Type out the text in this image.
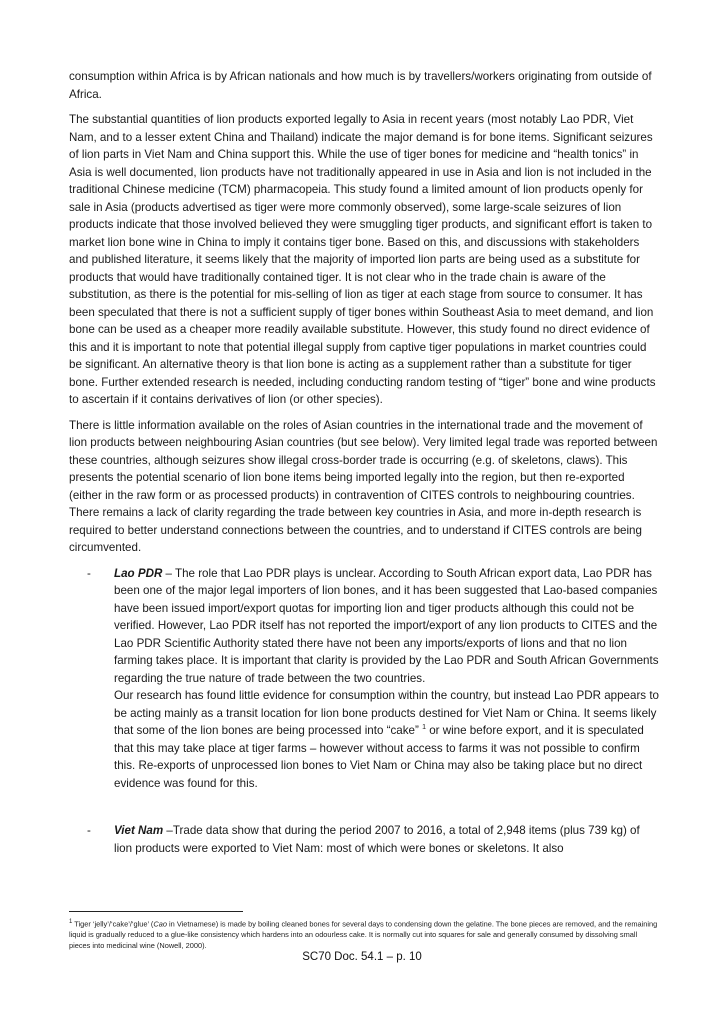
consumption within Africa is by African nationals and how much is by travellers/workers originating from outside of Africa.

The substantial quantities of lion products exported legally to Asia in recent years (most notably Lao PDR, Viet Nam, and to a lesser extent China and Thailand) indicate the major demand is for bone items. Significant seizures of lion parts in Viet Nam and China support this. While the use of tiger bones for medicine and “health tonics” in Asia is well documented, lion products have not traditionally appeared in use in Asia and lion is not included in the traditional Chinese medicine (TCM) pharmacopeia. This study found a limited amount of lion products openly for sale in Asia (products advertised as tiger were more commonly observed), some large-scale seizures of lion products indicate that those involved believed they were smuggling tiger products, and significant effort is taken to market lion bone wine in China to imply it contains tiger bone. Based on this, and discussions with stakeholders and published literature, it seems likely that the majority of imported lion parts are being used as a substitute for products that would have traditionally contained tiger. It is not clear who in the trade chain is aware of the substitution, as there is the potential for mis-selling of lion as tiger at each stage from source to consumer. It has been speculated that there is not a sufficient supply of tiger bones within Southeast Asia to meet demand, and lion bone can be used as a cheaper more readily available substitute. However, this study found no direct evidence of this and it is important to note that potential illegal supply from captive tiger populations in market countries could be significant. An alternative theory is that lion bone is acting as a supplement rather than a substitute for tiger bone. Further extended research is needed, including conducting random testing of “tiger” bone and wine products to ascertain if it contains derivatives of lion (or other species).

There is little information available on the roles of Asian countries in the international trade and the movement of lion products between neighbouring Asian countries (but see below). Very limited legal trade was reported between these countries, although seizures show illegal cross-border trade is occurring (e.g. of skeletons, claws). This presents the potential scenario of lion bone items being imported legally into the region, but then re-exported (either in the raw form or as processed products) in contravention of CITES controls to neighbouring countries. There remains a lack of clarity regarding the trade between key countries in Asia, and more in-depth research is required to better understand connections between the countries, and to understand if CITES controls are being circumvented.

- Lao PDR – The role that Lao PDR plays is unclear. According to South African export data, Lao PDR has been one of the major legal importers of lion bones, and it has been suggested that Lao-based companies have been issued import/export quotas for importing lion and tiger products although this could not be verified. However, Lao PDR itself has not reported the import/export of any lion products to CITES and the Lao PDR Scientific Authority stated there have not been any imports/exports of lions and that no lion farming takes place. It is important that clarity is provided by the Lao PDR and South African Governments regarding the true nature of trade between the two countries.

Our research has found little evidence for consumption within the country, but instead Lao PDR appears to be acting mainly as a transit location for lion bone products destined for Viet Nam or China. It seems likely that some of the lion bones are being processed into “cake” $^1$ or wine before export, and it is speculated that this may take place at tiger farms – however without access to farms it was not possible to confirm this. Re-exports of unprocessed lion bones to Viet Nam or China may also be taking place but no direct evidence was found for this.

- Viet Nam –Trade data show that during the period 2007 to 2016, a total of 2,948 items (plus 739 kg) of lion products were exported to Viet Nam: most of which were bones or skeletons. It also

$^1$ Tiger ‘jelly’/‘cake’/‘glue’ (Cao in Vietnamese) is made by boiling cleaned bones for several days to condensing down the gelatine. The bone pieces are removed, and the remaining liquid is gradually reduced to a glue-like consistency which hardens into an odourless cake. It is normally cut into squares for sale and generally consumed by dissolving small pieces into medicinal wine (Nowell, 2000).
SC70 Doc. 54.1 – p. 10
